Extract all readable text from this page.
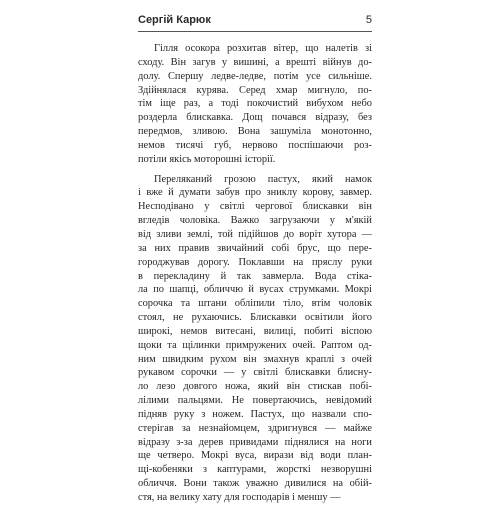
Сергій Карюк	5
Гілля осокора розхитав вітер, що налетів зі
сходу. Він загув у вишині, а врешті війнув до-
долу. Спершу ледве-ледве, потім усе сильніше.
Здійнялася курява. Серед хмар мигнуло, по-
тім іще раз, а тоді покочистий вибухом небо
роздерла блискавка. Дощ почався відразу, без
передмов, зливою. Вона зашуміла монотонно,
немов тисячі губ, нервово поспішаючи роз-
потіли якісь моторошні історії.
Переляканий грозою пастух, який намок
і вже й думати забув про зниклу корову, завмер.
Несподівано у світлі чергової блискавки він
вгледів чоловіка. Важко загрузаючи у м'якій
від зливи землі, той підійшов до воріт хутора —
за них правив звичайний собі брус, що пере-
городжував дорогу. Поклавши на пряслу руки
в перекладину й так завмерла. Вода стіка-
ла по шапці, обличчю й вусах струмками. Мокрі
сорочка та штани обліпили тіло, втім чоловік
стоял, не рухаючись. Блискавки освітили його
широкі, немов витесані, вилиці, побиті віспою
щоки та щілинки примружених очей. Раптом од-
ним швидким рухом він змахнув краплі з очей
рукавом сорочки — у світлі блискавки блисну-
ло лезо довгого ножа, який він стискав побі-
лілими пальцями. Не повертаючись, невідомий
підняв руку з ножем. Пастух, що назвали спо-
стерігав за незнайомцем, здригнувся — майже
відразу з-за дерев привидами піднялися на ноги
ще четверо. Мокрі вуса, вирази від води план-
щі-кобеняки з каптурами, жорсткі незворушні
обличчя. Вони також уважно дивилися на обій-
стя, на велику хату для господарів і меншу —
